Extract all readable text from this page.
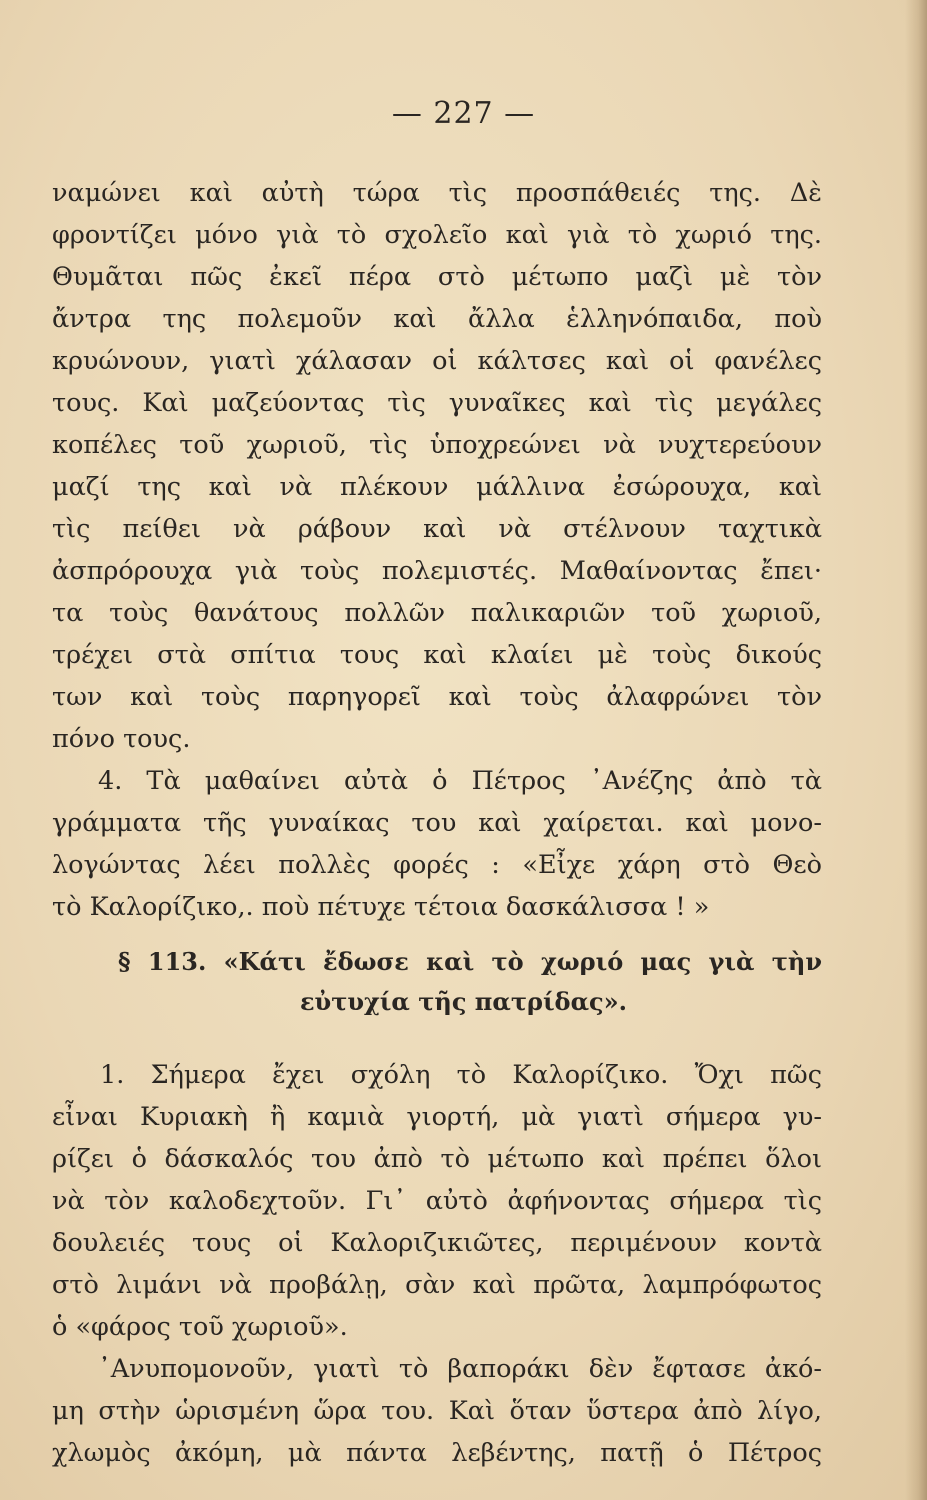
— 227 —
ναμώνει καὶ αὐτὴ τώρα τὶς προσπάθειές της. Δὲ
φροντίζει μόνο γιὰ τὸ σχολεῖο καὶ γιὰ τὸ χωριό της.
Θυμᾶται πῶς ἐκεῖ πέρα στὸ μέτωπο μαζὶ μὲ τὸν
ἄντρα της πολεμοῦν καὶ ἄλλα ἑλληνόπαιδα, ποὺ
κρυώνουν, γιατὶ χάλασαν οἱ κάλτσες καὶ οἱ φανέλες
τους. Καὶ μαζεύοντας τὶς γυναῖκες καὶ τὶς μεγάλες
κοπέλες τοῦ χωριοῦ, τὶς ὑποχρεώνει νὰ νυχτερεύουν
μαζί της καὶ νὰ πλέκουν μάλλινα ἐσώρουχα, καὶ
τὶς πείθει νὰ ράβουν καὶ νὰ στέλνουν ταχτικὰ
ἀσπρόρουχα γιὰ τοὺς πολεμιστές. Μαθαίνοντας ἔπει·
τα τοὺς θανάτους πολλῶν παλικαριῶν τοῦ χωριοῦ,
τρέχει στὰ σπίτια τους καὶ κλαίει μὲ τοὺς δικούς
των καὶ τοὺς παρηγορεῖ καὶ τοὺς ἀλαφρώνει τὸν
πόνο τους.
4. Τὰ μαθαίνει αὐτὰ ὁ Πέτρος ᾿Ανέζης ἀπὸ τὰ
γράμματα τῆς γυναίκας του καὶ χαίρεται. καὶ μονο-
λογώντας λέει πολλὲς φορές : «Εἶχε χάρη στὸ Θεὸ
τὸ Καλορίζικο,. ποὺ πέτυχε τέτοια δασκάλισσα ! »
§ 113. «Κάτι ἔδωσε καὶ τὸ χωριό μας γιὰ τὴν
εὐτυχία τῆς πατρίδας».
1. Σήμερα ἔχει σχόλη τὸ Καλορίζικο. Ὄχι πῶς
εἶναι Κυριακὴ ἢ καμιὰ γιορτή, μὰ γιατὶ σήμερα γυ-
ρίζει ὁ δάσκαλός του ἀπὸ τὸ μέτωπο καὶ πρέπει ὅλοι
νὰ τὸν καλοδεχτοῦν. Γι᾿ αὐτὸ ἀφήνοντας σήμερα τὶς
δουλειές τους οἱ Καλοριζικιῶτες, περιμένουν κοντὰ
στὸ λιμάνι νὰ προβάλῃ, σὰν καὶ πρῶτα, λαμπρόφωτος
ὁ «φάρος τοῦ χωριοῦ».
᾿Ανυπομονοῦν, γιατὶ τὸ βαποράκι δὲν ἔφτασε ἀκό-
μη στὴν ὡρισμένη ὥρα του. Καὶ ὅταν ὕστερα ἀπὸ λίγο,
χλωμὸς ἀκόμη, μὰ πάντα λεβέντης, πατῇ ὁ Πέτρος
